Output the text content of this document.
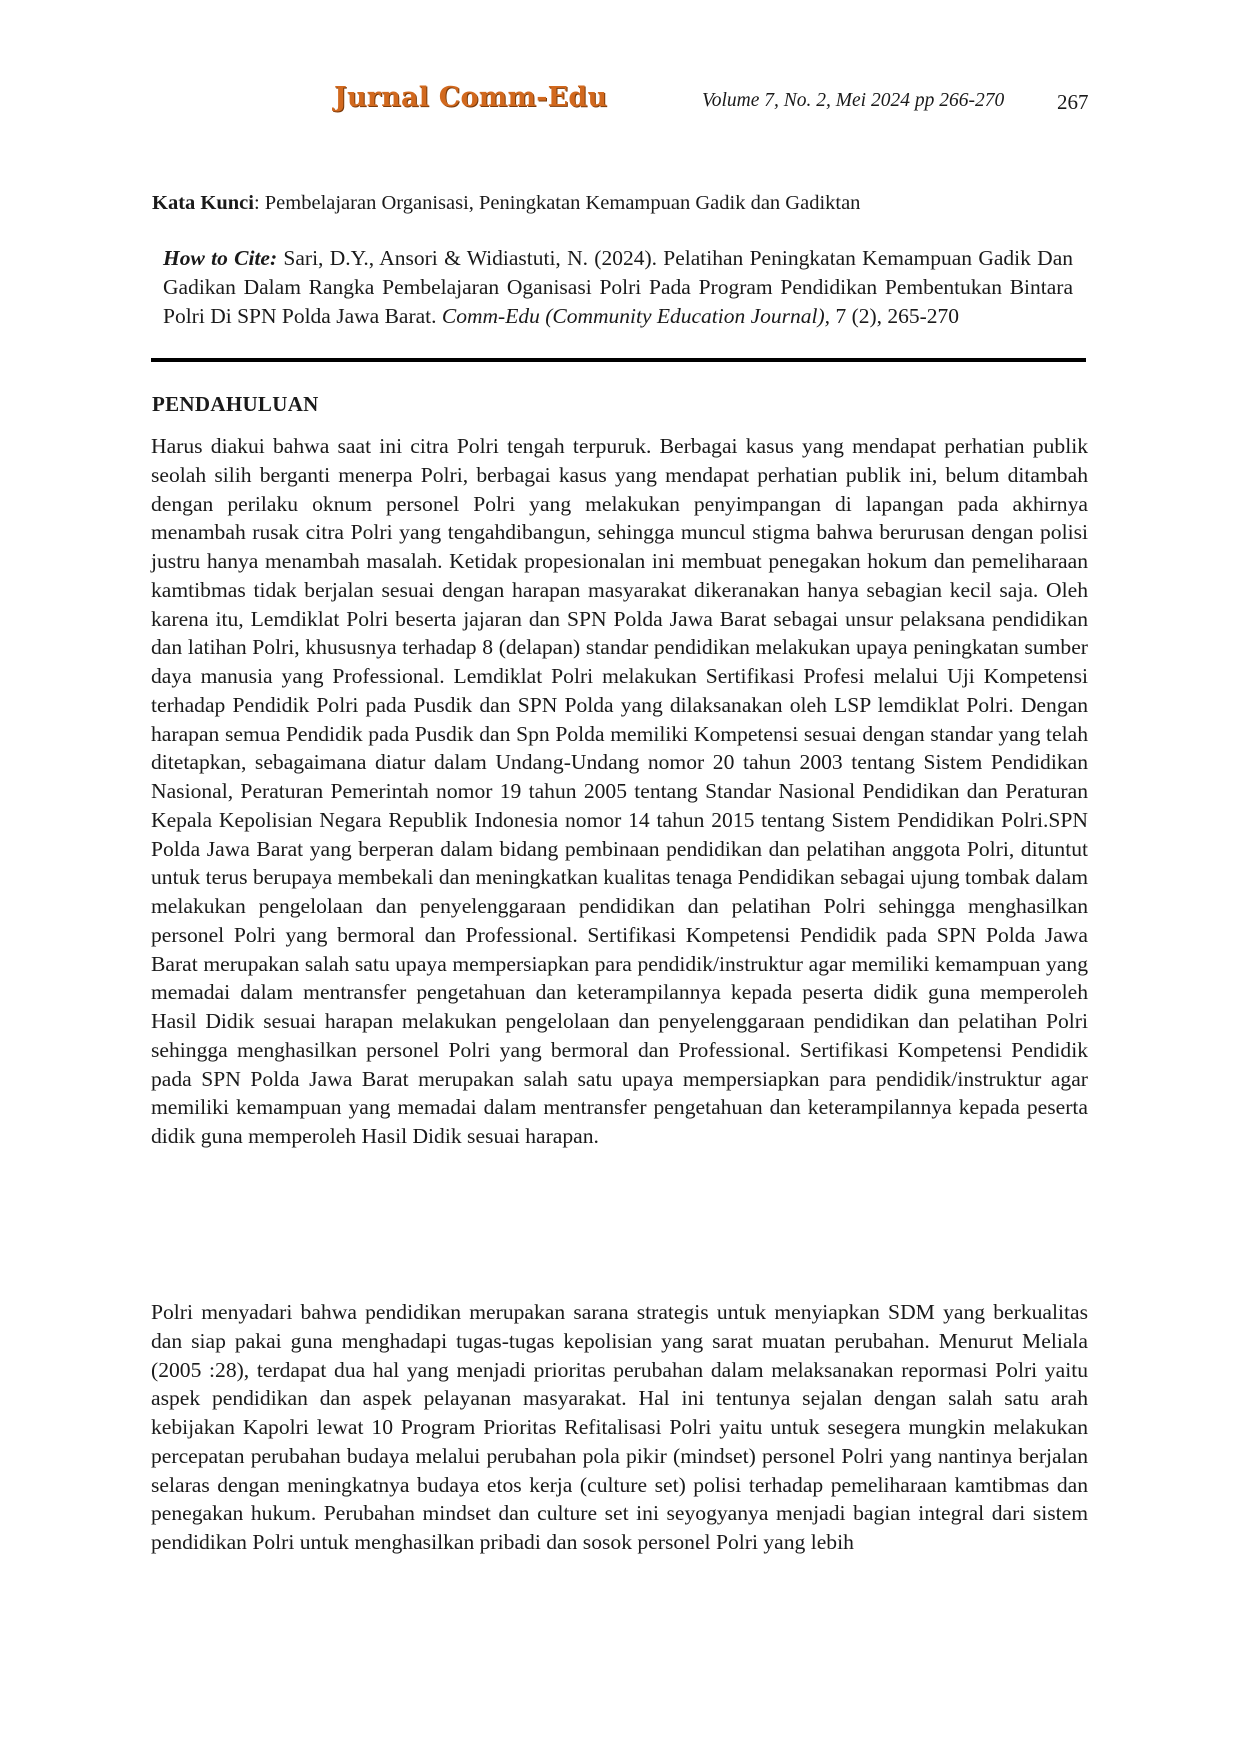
Jurnal Comm-Edu	Volume 7, No. 2, Mei 2024 pp 266-270	267
Kata Kunci: Pembelajaran Organisasi, Peningkatan Kemampuan Gadik dan Gadiktan
How to Cite: Sari, D.Y., Ansori & Widiastuti, N. (2024). Pelatihan Peningkatan Kemampuan Gadik Dan Gadikan Dalam Rangka Pembelajaran Oganisasi Polri Pada Program Pendidikan Pembentukan Bintara Polri Di SPN Polda Jawa Barat. Comm-Edu (Community Education Journal), 7 (2), 265-270
PENDAHULUAN

Harus diakui bahwa saat ini citra Polri tengah terpuruk. Berbagai kasus yang mendapat perhatian publik seolah silih berganti menerpa Polri, berbagai kasus yang mendapat perhatian publik ini, belum ditambah dengan perilaku oknum personel Polri yang melakukan penyimpangan di lapangan pada akhirnya menambah rusak citra Polri yang tengahdibangun, sehingga muncul stigma bahwa berurusan dengan polisi justru hanya menambah masalah. Ketidak propesionalan ini membuat penegakan hokum dan pemeliharaan kamtibmas tidak berjalan sesuai dengan harapan masyarakat dikeranakan hanya sebagian kecil saja. Oleh karena itu, Lemdiklat Polri beserta jajaran dan SPN Polda Jawa Barat sebagai unsur pelaksana pendidikan dan latihan Polri, khususnya terhadap 8 (delapan) standar pendidikan melakukan upaya peningkatan sumber daya manusia yang Professional. Lemdiklat Polri melakukan Sertifikasi Profesi melalui Uji Kompetensi terhadap Pendidik Polri pada Pusdik dan SPN Polda yang dilaksanakan oleh LSP lemdiklat Polri. Dengan harapan semua Pendidik pada Pusdik dan Spn Polda memiliki Kompetensi sesuai dengan standar yang telah ditetapkan, sebagaimana diatur dalam Undang-Undang nomor 20 tahun 2003 tentang Sistem Pendidikan Nasional, Peraturan Pemerintah nomor 19 tahun 2005 tentang Standar Nasional Pendidikan dan Peraturan Kepala Kepolisian Negara Republik Indonesia nomor 14 tahun 2015 tentang Sistem Pendidikan Polri.SPN Polda Jawa Barat yang berperan dalam bidang pembinaan pendidikan dan pelatihan anggota Polri, dituntut untuk terus berupaya membekali dan meningkatkan kualitas tenaga Pendidikan sebagai ujung tombak dalam melakukan pengelolaan dan penyelenggaraan pendidikan dan pelatihan Polri sehingga menghasilkan personel Polri yang bermoral dan Professional. Sertifikasi Kompetensi Pendidik pada SPN Polda Jawa Barat merupakan salah satu upaya mempersiapkan para pendidik/instruktur agar memiliki kemampuan yang memadai dalam mentransfer pengetahuan dan keterampilannya kepada peserta didik guna memperoleh Hasil Didik sesuai harapan melakukan pengelolaan dan penyelenggaraan pendidikan dan pelatihan Polri sehingga menghasilkan personel Polri yang bermoral dan Professional. Sertifikasi Kompetensi Pendidik pada SPN Polda Jawa Barat merupakan salah satu upaya mempersiapkan para pendidik/instruktur agar memiliki kemampuan yang memadai dalam mentransfer pengetahuan dan keterampilannya kepada peserta didik guna memperoleh Hasil Didik sesuai harapan.

Polri menyadari bahwa pendidikan merupakan sarana strategis untuk menyiapkan SDM yang berkualitas dan siap pakai guna menghadapi tugas-tugas kepolisian yang sarat muatan perubahan. Menurut Meliala (2005 :28), terdapat dua hal yang menjadi prioritas perubahan dalam melaksanakan repormasi Polri yaitu aspek pendidikan dan aspek pelayanan masyarakat. Hal ini tentunya sejalan dengan salah satu arah kebijakan Kapolri lewat 10 Program Prioritas Refitalisasi Polri yaitu untuk sesegera mungkin melakukan percepatan perubahan budaya melalui perubahan pola pikir (mindset) personel Polri yang nantinya berjalan selaras dengan meningkatnya budaya etos kerja (culture set) polisi terhadap pemeliharaan kamtibmas dan penegakan hukum. Perubahan mindset dan culture set ini seyogyanya menjadi bagian integral dari sistem pendidikan Polri untuk menghasilkan pribadi dan sosok personel Polri yang lebih
